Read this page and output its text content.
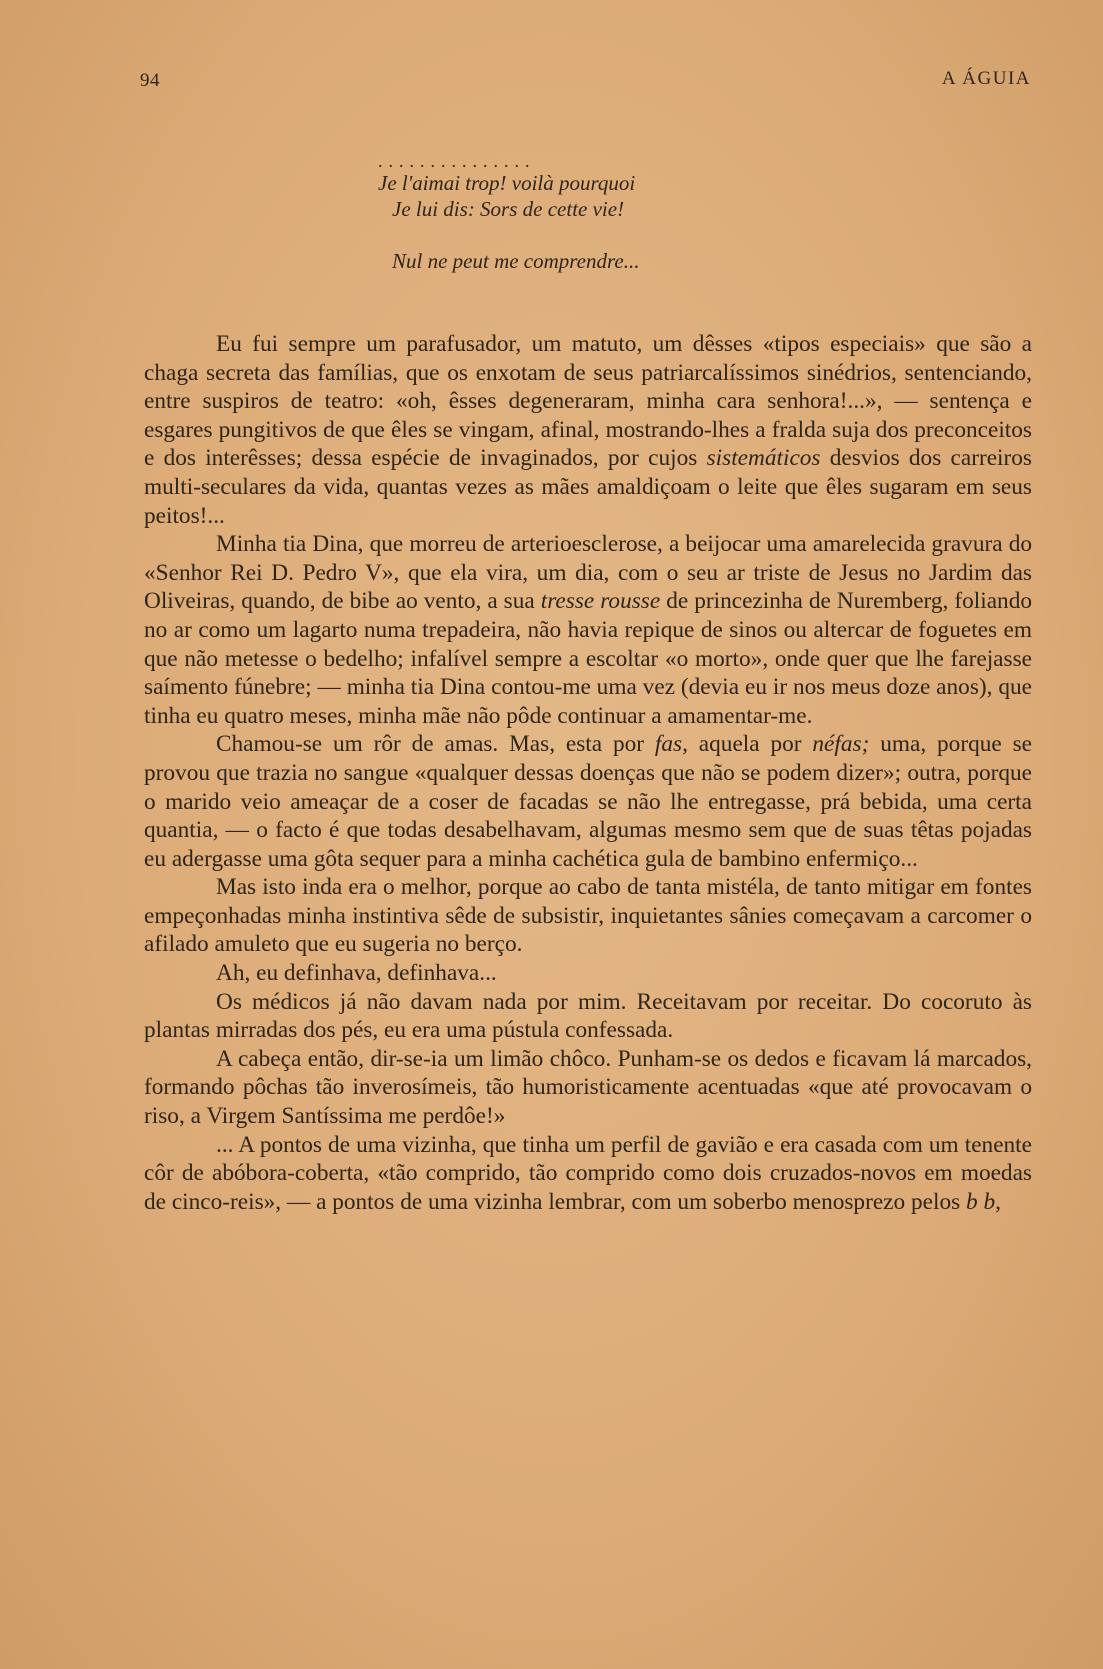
94	A ÁGUIA
...............
Je l'aimai trop! voilà pourquoi
Je lui dis: Sors de cette vie!
Nul ne peut me comprendre...

Eu fui sempre um parafusador, um matuto, um dêsses «tipos especiais» que são a chaga secreta das famílias, que os enxotam de seus patriarcalíssimos sinédrios, sentenciando, entre suspiros de teatro: «oh, êsses degeneraram, minha cara senhora!...», — sentença e esgares pungitivos de que êles se vingam, afinal, mostrando-lhes a fralda suja dos preconceitos e dos interêsses; dessa espécie de invaginados, por cujos sistemáticos desvios dos carreiros multi-seculares da vida, quantas vezes as mães amaldiçoam o leite que êles sugaram em seus peitos!...

Minha tia Dina, que morreu de arterioesclerose, a beijocar uma amarelecida gravura do «Senhor Rei D. Pedro V», que ela vira, um dia, com o seu ar triste de Jesus no Jardim das Oliveiras, quando, de bibe ao vento, a sua tresse rousse de princezinha de Nuremberg, foliando no ar como um lagarto numa trepadeira, não havia repique de sinos ou altercar de foguetes em que não metesse o bedelho; infalível sempre a escoltar «o morto», onde quer que lhe farejasse saímento fúnebre; — minha tia Dina contou-me uma vez (devia eu ir nos meus doze anos), que tinha eu quatro meses, minha mãe não pôde continuar a amamentar-me.

Chamou-se um rôr de amas. Mas, esta por fas, aquela por néfas; uma, porque se provou que trazia no sangue «qualquer dessas doenças que não se podem dizer»; outra, porque o marido veio ameaçar de a coser de facadas se não lhe entregasse, prá bebida, uma certa quantia, — o facto é que todas desabelhavam, algumas mesmo sem que de suas têtas pojadas eu adergasse uma gôta sequer para a minha cachética gula de bambino enfermiço...

Mas isto inda era o melhor, porque ao cabo de tanta mistéla, de tanto mitigar em fontes empeçonhadas minha instintiva sêde de subsistir, inquietantes sânies começavam a carcomer o afilado amuleto que eu sugeria no berço.

Ah, eu definhava, definhava...

Os médicos já não davam nada por mim. Receitavam por receitar. Do cocoruto às plantas mirradas dos pés, eu era uma pústula confessada.

A cabeça então, dir-se-ia um limão chôco. Punham-se os dedos e ficavam lá marcados, formando pôchas tão inverosímeis, tão humoristicamente acentuadas «que até provocavam o riso, a Virgem Santíssima me perdôe!»

... A pontos de uma vizinha, que tinha um perfil de gavião e era casada com um tenente côr de abóbora-coberta, «tão comprido, tão comprido como dois cruzados-novos em moedas de cinco-reis», — a pontos de uma vizinha lembrar, com um soberbo menosprezo pelos b b,
